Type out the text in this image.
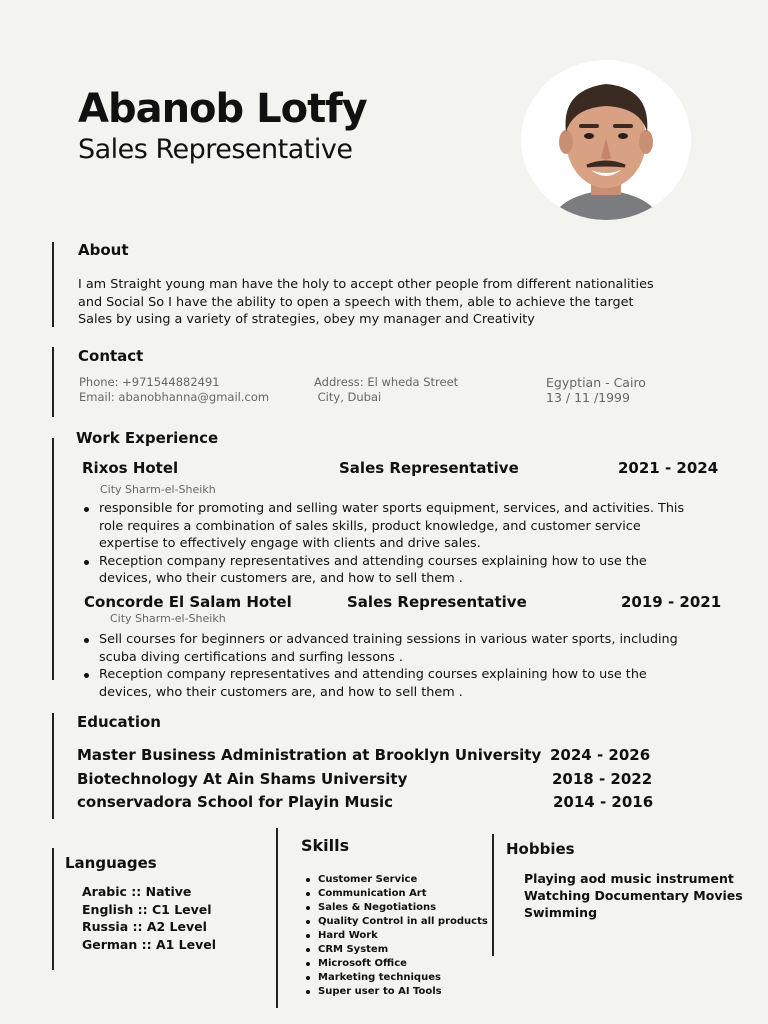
Abanob Lotfy
Sales Representative
About
I am Straight young man have the holy to accept other people from different nationalities
and Social So I have the ability to open a speech with them, able to achieve the target
Sales by using a variety of strategies, obey my manager and Creativity
Contact
Phone: +971544882491
Email: abanobhanna@gmail.com
Address: El wheda Street
City, Dubai
Egyptian - Cairo
13 / 11 /1999
Work Experience
Rixos Hotel	Sales Representative	2021 - 2024
City Sharm-el-Sheikh
responsible for promoting and selling water sports equipment, services, and activities. This role requires a combination of sales skills, product knowledge, and customer service expertise to effectively engage with clients and drive sales.
Reception company representatives and attending courses explaining how to use the devices, who their customers are, and how to sell them .
Concorde El Salam Hotel	Sales Representative	2019 - 2021
City Sharm-el-Sheikh
Sell courses for beginners or advanced training sessions in various water sports, including scuba diving certifications and surfing lessons .
Reception company representatives and attending courses explaining how to use the devices, who their customers are, and how to sell them .
Education
Master Business Administration at Brooklyn University 2024 - 2026
Biotechnology At Ain Shams University	2018 - 2022
conservadora School for Playin Music	2014 - 2016
Languages
Arabic :: Native
English :: C1 Level
Russia :: A2 Level
German :: A1 Level
Skills
Customer Service
Communication Art
Sales & Negotiations
Quality Control in all products
Hard Work
CRM System
Microsoft Office
Marketing techniques
Super user to AI Tools
Hobbies
Playing aod music instrument
Watching Documentary Movies
Swimming
